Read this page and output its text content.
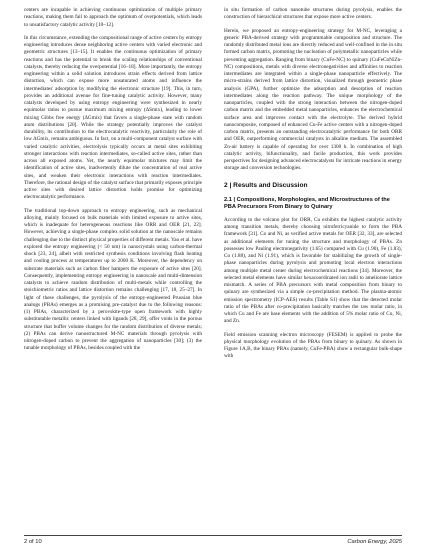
centers are incapable in achieving continuous optimization of multiple primary reactions, making them fail to approach the optimum of overpotentials, which leads to unsatisfactory catalytic activity [10–12].

In this circumstance, extending the compositional range of active centers by entropy engineering introduces dense neighboring active centers with varied electronic and geometric structures [13–15]. It enables the continuous optimization of primary reactions and has the potential to break the scaling relationships of conventional catalysts, thereby reducing the overpotential [16–18]. More importantly, the entropy engineering within a solid solution introduces strain effects derived from lattice distortion, which can expose more unsaturated atoms and influence the intermediates' adsorption by modifying the electronic structure [19]. This, in turn, provides an additional avenue for fine-tuning catalytic activity. However, many catalysts developed by using entropy engineering were synthesized in nearly equimolar ratios to pursue maximum mixing entropy (ΔSmix), leading to lower mixing Gibbs free energy (ΔGmix) that favors a single-phase state with random atom distributions [20]. While the strategy potentially improves the catalyst durability, its contribution to the electrocatalytic reactivity, particularly the role of low ΔGmix, remains ambiguous. In fact, on a multi-component catalyst surface with varied catalytic activities, electrolysis typically occurs at metal sites exhibiting stronger interactions with reaction intermediates, so-called active sites, rather than across all exposed atoms. Yet, the nearly equimolar mixtures may limit the identification of active sites, inadvertently dilute the concentration of real active sites, and weaken their electronic interactions with reaction intermediates. Therefore, the rational design of the catalyst surface that primarily exposes principle active sites with desired lattice distortion holds promise for optimizing electrocatalytic performance.

The traditional top-down approach to entropy engineering, such as mechanical alloying, mainly focused on bulk materials with limited exposure to active sites, which is inadequate for heterogeneous reactions like ORR and OER [21, 22]. However, achieving a single-phase complex solid solution at the nanoscale remains challenging due to the distinct physical properties of different metals. Yao et al. have explored the entropy engineering (< 50 nm) in nanocrystals using carbon-thermal shock [23, 24], albeit with restricted synthesis conditions involving flash heating and cooling process at temperatures up to 2000 K. Moreover, the dependency on substrate materials such as carbon fiber hampers the exposure of active sites [20]. Consequently, implementing entropy engineering in nanoscale and multi-dimension catalysts to achieve random distribution of multi-metals while controlling the stoichiometric ratios and lattice distortion remains challenging [17, 18, 25–27]. In light of these challenges, the pyrolysis of the entropy-engineered Prussian blue analogs (PBAs) emerges as a promising pre-catalyst due to the following reasons: (1) PBAs, characterized by a perovskite-type open framework with highly substitutable metallic centers linked with ligands [28, 29], offer voids in the porous structure that buffer volume changes for the random distribution of diverse metals; (2) PBAs can derive nanostructured M-NC materials through pyrolysis with nitrogen-doped carbon to prevent the aggregation of nanoparticles [30]; (3) the tunable morphology of PBAs, besides coupled with the

in situ formation of carbon nanotube structures during pyrolysis, enables the construction of hierarchical structures that expose more active centers.

Herein, we proposed an entropy-engineering strategy for M-NC, leveraging a generic PBA-derived strategy with programmable composition and structure. The randomly distributed metal ions are directly reduced and well-confined in the in situ formed carbon matrix, promoting the nucleation of polymetallic nanoparticles while preventing aggregation. Ranging from binary (CuFe-NC) to quinary (CuFeCoNiZn-NC) compositions, metals with diverse electronegativities and affinities to reaction intermediates are integrated within a single-phase nanoparticle effectively. The micro-strains derived from lattice distortion, visualized through geometric phase analysis (GPA), further optimize the adsorption and desorption of reaction intermediates along the reaction pathway. The unique morphology of the nanoparticles, coupled with the strong interaction between the nitrogen-doped carbon matrix and the embedded metal nanoparticles, enhances the electrochemical surface area and improves contact with the electrolyte. The derived hybrid nanocomposite, composed of enhanced Cu-Fe active centers with a nitrogen-doped carbon matrix, presents an outstanding electrocatalytic performance for both ORR and OER, outperforming commercial catalysts in alkaline medium. The assembled Zn-air battery is capable of operating for over 1300 h. In combination of high catalytic activity, bifunctionality, and facile production, this work provides perspectives for designing advanced electrocatalysts for intricate reactions in energy storage and conversion technologies.

2 | Results and Discussion
2.1 | Compositions, Morphologies, and Microstructures of the PBA Precursors From Binary to Quinary

According to the volcano plot for ORR, Cu exhibits the highest catalytic activity among transition metals, thereby choosing nitroferricyanide to form the PBA framework [31]. Co and Ni, as verified active metals for OER [32, 33], are selected as additional elements for tuning the structure and morphology of PBAs. Zn possesses low Pauling electronegativity (1.65) compared with Cu (1.90), Fe (1.83), Co (1.88), and Ni (1.91), which is favorable for stabilizing the growth of single-phase nanoparticles during pyrolysis and promoting local electron interactions among multiple metal center during electrochemical reactions [34]. Moreover, the selected metal elements have similar hexacoordinated ion radii to ameliorate lattice mismatch. A series of PBA precursors with metal composition from binary to quinary are synthesized via a simple co-precipitation method. The plasma-atomic emission spectrometry (ICP-AES) results (Table S1) show that the detected molar ratio of the PBAs after co-precipitation basically matches the raw molar ratio, in which Cu and Fe are base elements with the addition of 5% molar ratio of Co, Ni, and Zn.

Field emission scanning electron microscopy (FESEM) is applied to probe the physical morphology evolution of the PBAs from binary to quinary. As shown in Figure 1A,B, the binary PBAs (namely, CuFe-PBA) show a rectangular bulk-shape with

2 of 10	Carbon Energy, 2025
